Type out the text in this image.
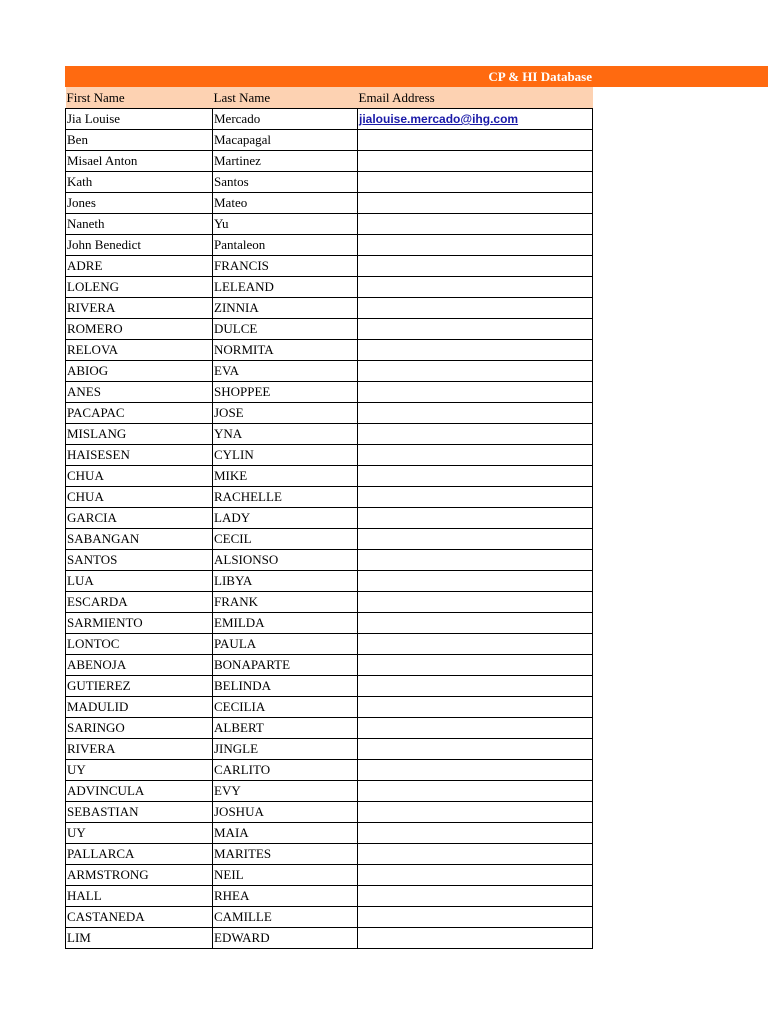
CP & HI Database
First Name	Last Name	Email Address
Jia Louise	Mercado	jialouise.mercado@ihg.com
Ben	Macapagal	
Misael Anton	Martinez	
Kath	Santos	
Jones	Mateo	
Naneth	Yu	
John Benedict	Pantaleon	
ADRE	FRANCIS	
LOLENG	LELEAND	
RIVERA	ZINNIA	
ROMERO	DULCE	
RELOVA	NORMITA	
ABIOG	EVA	
ANES	SHOPPEE	
PACAPAC	JOSE	
MISLANG	YNA	
HAISESEN	CYLIN	
CHUA	MIKE	
CHUA	RACHELLE	
GARCIA	LADY	
SABANGAN	CECIL	
SANTOS	ALSIONSO	
LUA	LIBYA	
ESCARDA	FRANK	
SARMIENTO	EMILDA	
LONTOC	PAULA	
ABENOJA	BONAPARTE	
GUTIEREZ	BELINDA	
MADULID	CECILIA	
SARINGO	ALBERT	
RIVERA	JINGLE	
UY	CARLITO	
ADVINCULA	EVY	
SEBASTIAN	JOSHUA	
UY	MAIA	
PALLARCA	MARITES	
ARMSTRONG	NEIL	
HALL	RHEA	
CASTANEDA	CAMILLE	
LIM	EDWARD	
